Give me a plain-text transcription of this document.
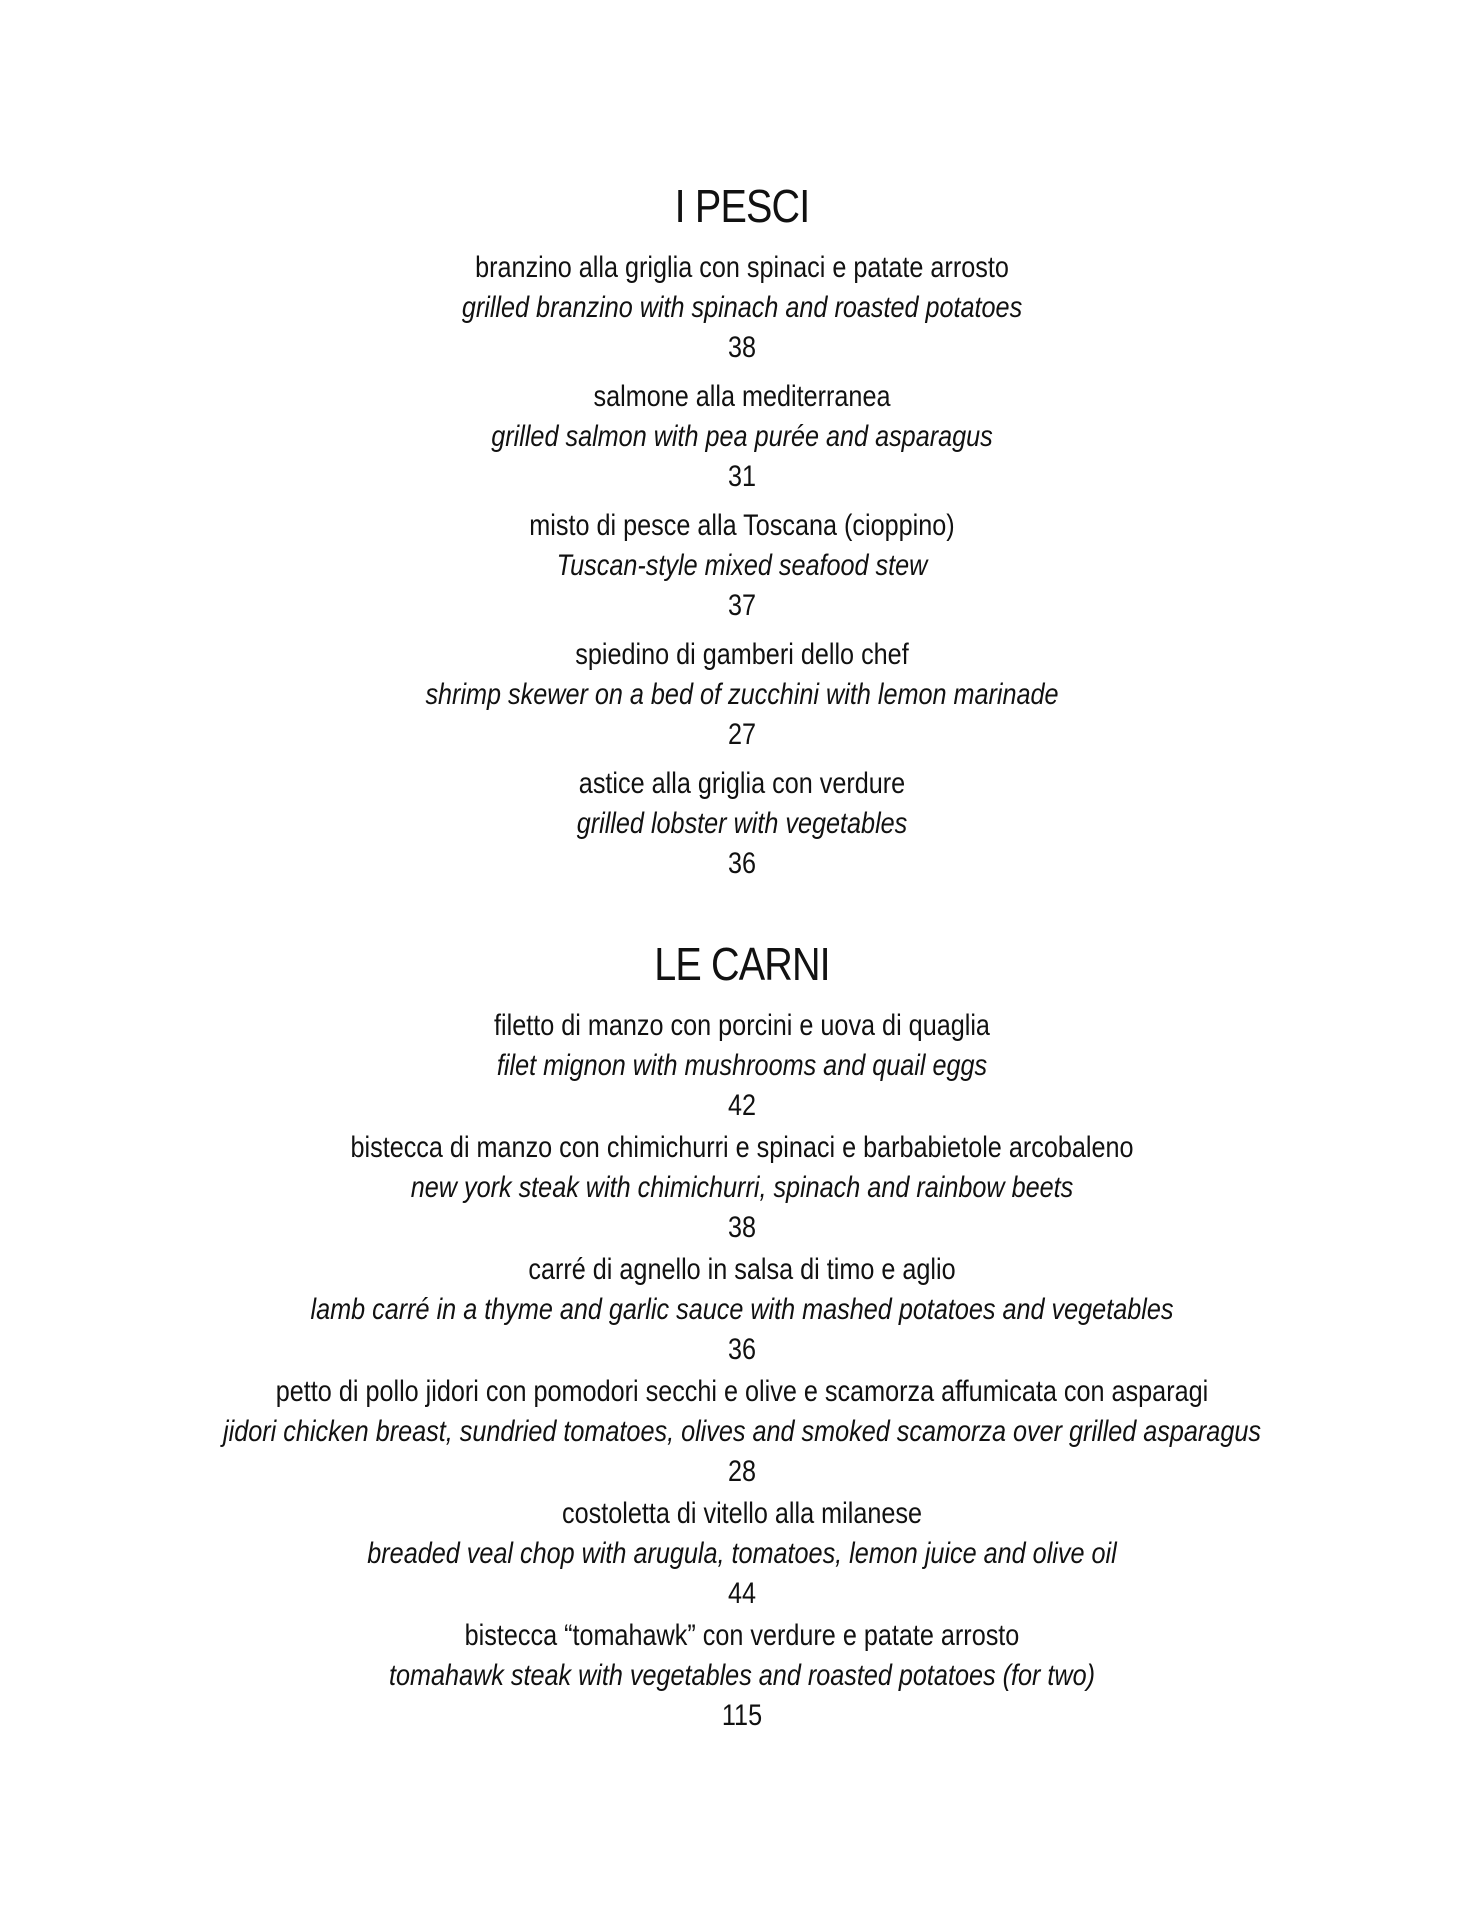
I PESCI
branzino alla griglia con spinaci e patate arrosto
grilled branzino with spinach and roasted potatoes
38
salmone alla mediterranea
grilled salmon with pea purée and asparagus
31
misto di pesce alla Toscana (cioppino)
Tuscan-style mixed seafood stew
37
spiedino di gamberi dello chef
shrimp skewer on a bed of zucchini with lemon marinade
27
astice alla griglia con verdure
grilled lobster with vegetables
36
LE CARNI
filetto di manzo con porcini e uova di quaglia
filet mignon with mushrooms and quail eggs
42
bistecca di manzo con chimichurri e spinaci e barbabietole arcobaleno
new york steak with chimichurri, spinach and rainbow beets
38
carré di agnello in salsa di timo e aglio
lamb carré in a thyme and garlic sauce with mashed potatoes and vegetables
36
petto di pollo jidori con pomodori secchi e olive e scamorza affumicata con asparagi
jidori chicken breast, sundried tomatoes, olives and smoked scamorza over grilled asparagus
28
costoletta di vitello alla milanese
breaded veal chop with arugula, tomatoes, lemon juice and olive oil
44
bistecca “tomahawk” con verdure e patate arrosto
tomahawk steak with vegetables and roasted potatoes (for two)
115
